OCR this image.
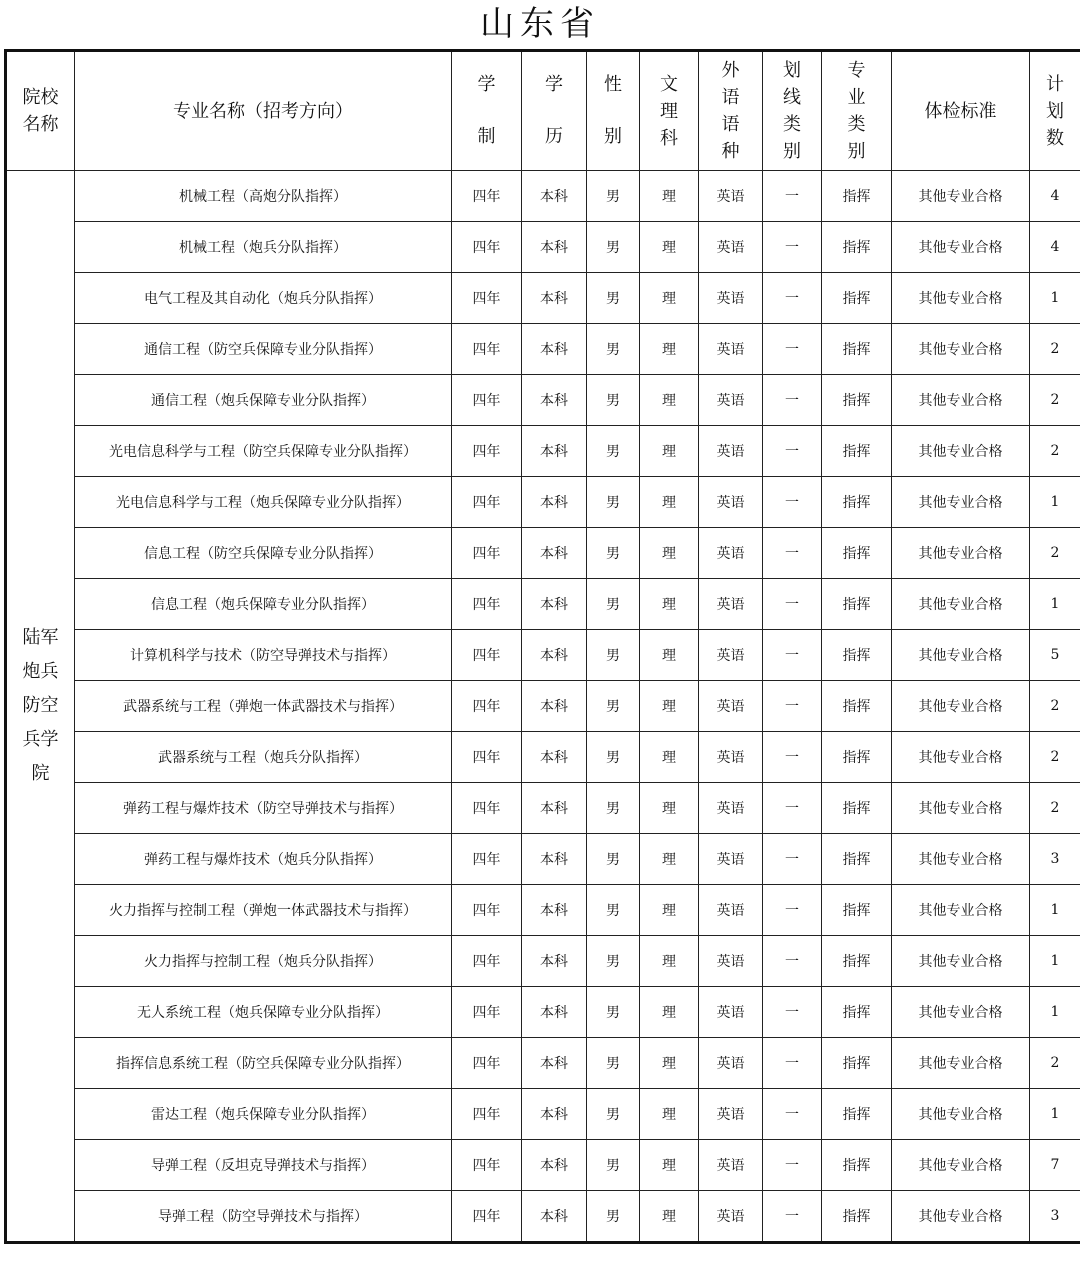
山东省
院校名称	专业名称（招考方向）	学制	学历	性别	文理科	外语语种	划线类别	专业类别	体检标准	计划数
陆军炮兵防空兵学院	机械工程（高炮分队指挥）	四年	本科	男	理	英语	一	指挥	其他专业合格	4
	机械工程（炮兵分队指挥）	四年	本科	男	理	英语	一	指挥	其他专业合格	4
	电气工程及其自动化（炮兵分队指挥）	四年	本科	男	理	英语	一	指挥	其他专业合格	1
	通信工程（防空兵保障专业分队指挥）	四年	本科	男	理	英语	一	指挥	其他专业合格	2
	通信工程（炮兵保障专业分队指挥）	四年	本科	男	理	英语	一	指挥	其他专业合格	2
	光电信息科学与工程（防空兵保障专业分队指挥）	四年	本科	男	理	英语	一	指挥	其他专业合格	2
	光电信息科学与工程（炮兵保障专业分队指挥）	四年	本科	男	理	英语	一	指挥	其他专业合格	1
	信息工程（防空兵保障专业分队指挥）	四年	本科	男	理	英语	一	指挥	其他专业合格	2
	信息工程（炮兵保障专业分队指挥）	四年	本科	男	理	英语	一	指挥	其他专业合格	1
	计算机科学与技术（防空导弹技术与指挥）	四年	本科	男	理	英语	一	指挥	其他专业合格	5
	武器系统与工程（弹炮一体武器技术与指挥）	四年	本科	男	理	英语	一	指挥	其他专业合格	2
	武器系统与工程（炮兵分队指挥）	四年	本科	男	理	英语	一	指挥	其他专业合格	2
	弹药工程与爆炸技术（防空导弹技术与指挥）	四年	本科	男	理	英语	一	指挥	其他专业合格	2
	弹药工程与爆炸技术（炮兵分队指挥）	四年	本科	男	理	英语	一	指挥	其他专业合格	3
	火力指挥与控制工程（弹炮一体武器技术与指挥）	四年	本科	男	理	英语	一	指挥	其他专业合格	1
	火力指挥与控制工程（炮兵分队指挥）	四年	本科	男	理	英语	一	指挥	其他专业合格	1
	无人系统工程（炮兵保障专业分队指挥）	四年	本科	男	理	英语	一	指挥	其他专业合格	1
	指挥信息系统工程（防空兵保障专业分队指挥）	四年	本科	男	理	英语	一	指挥	其他专业合格	2
	雷达工程（炮兵保障专业分队指挥）	四年	本科	男	理	英语	一	指挥	其他专业合格	1
	导弹工程（反坦克导弹技术与指挥）	四年	本科	男	理	英语	一	指挥	其他专业合格	7
	导弹工程（防空导弹技术与指挥）	四年	本科	男	理	英语	一	指挥	其他专业合格	3
